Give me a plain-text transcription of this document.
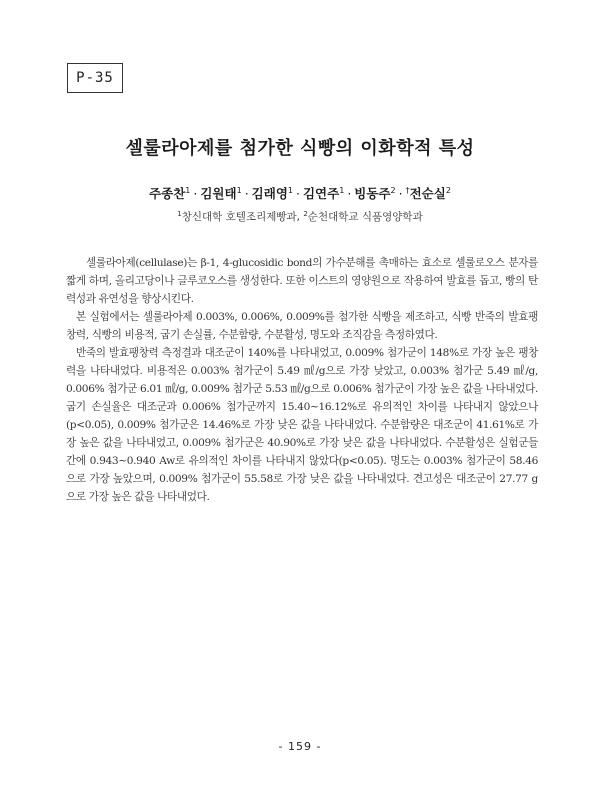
P-35
셀룰라아제를 첨가한 식빵의 이화학적 특성
주종찬$^1$ · 김원태$^1$ · 김래영$^1$ · 김연주$^1$ · 빙동주$^2$ · †전순실$^2$
$^1$창신대학 호텔조리제빵과, $^2$순천대학교 식품영양학과

셀룰라아제(cellulase)는 β-1, 4-glucosidic bond의 가수분해를 촉매하는 효소로 셀룰로오스 분자를 짧게 하며, 올리고당이나 글루코오스를 생성한다. 또한 이스트의 영양원으로 작용하여 발효를 돕고, 빵의 탄력성과 유연성을 향상시킨다.

본 실험에서는 셀룰라아제 0.003%, 0.006%, 0.009%를 첨가한 식빵을 제조하고, 식빵 반죽의 발효팽창력, 식빵의 비용적, 굽기 손실률, 수분함량, 수분활성, 명도와 조직감을 측정하였다.

반죽의 발효팽창력 측정결과 대조군이 140%를 나타내었고, 0.009% 첨가군이 148%로 가장 높은 팽창력을 나타내었다. 비용적은 0.003% 첨가군이 5.49 ㎖/g으로 가장 낮았고, 0.003% 첨가군 5.49 ㎖/g, 0.006% 첨가군 6.01 ㎖/g, 0.009% 첨가군 5.53 ㎖/g으로 0.006% 첨가군이 가장 높은 값을 나타내었다. 굽기 손실율은 대조군과 0.006% 첨가군까지 15.40∼16.12%로 유의적인 차이를 나타내지 않았으나 (p<0.05), 0.009% 첨가군은 14.46%로 가장 낮은 값을 나타내었다. 수분함량은 대조군이 41.61%로 가장 높은 값을 나타내었고, 0.009% 첨가군은 40.90%로 가장 낮은 값을 나타내었다. 수분활성은 실험군들간에 0.943∼0.940 Aw로 유의적인 차이를 나타내지 않았다(p<0.05). 명도는 0.003% 첨가군이 58.46으로 가장 높았으며, 0.009% 첨가군이 55.58로 가장 낮은 값을 나타내었다. 견고성은 대조군이 27.77 g으로 가장 높은 값을 나타내었다.

- 159 -
